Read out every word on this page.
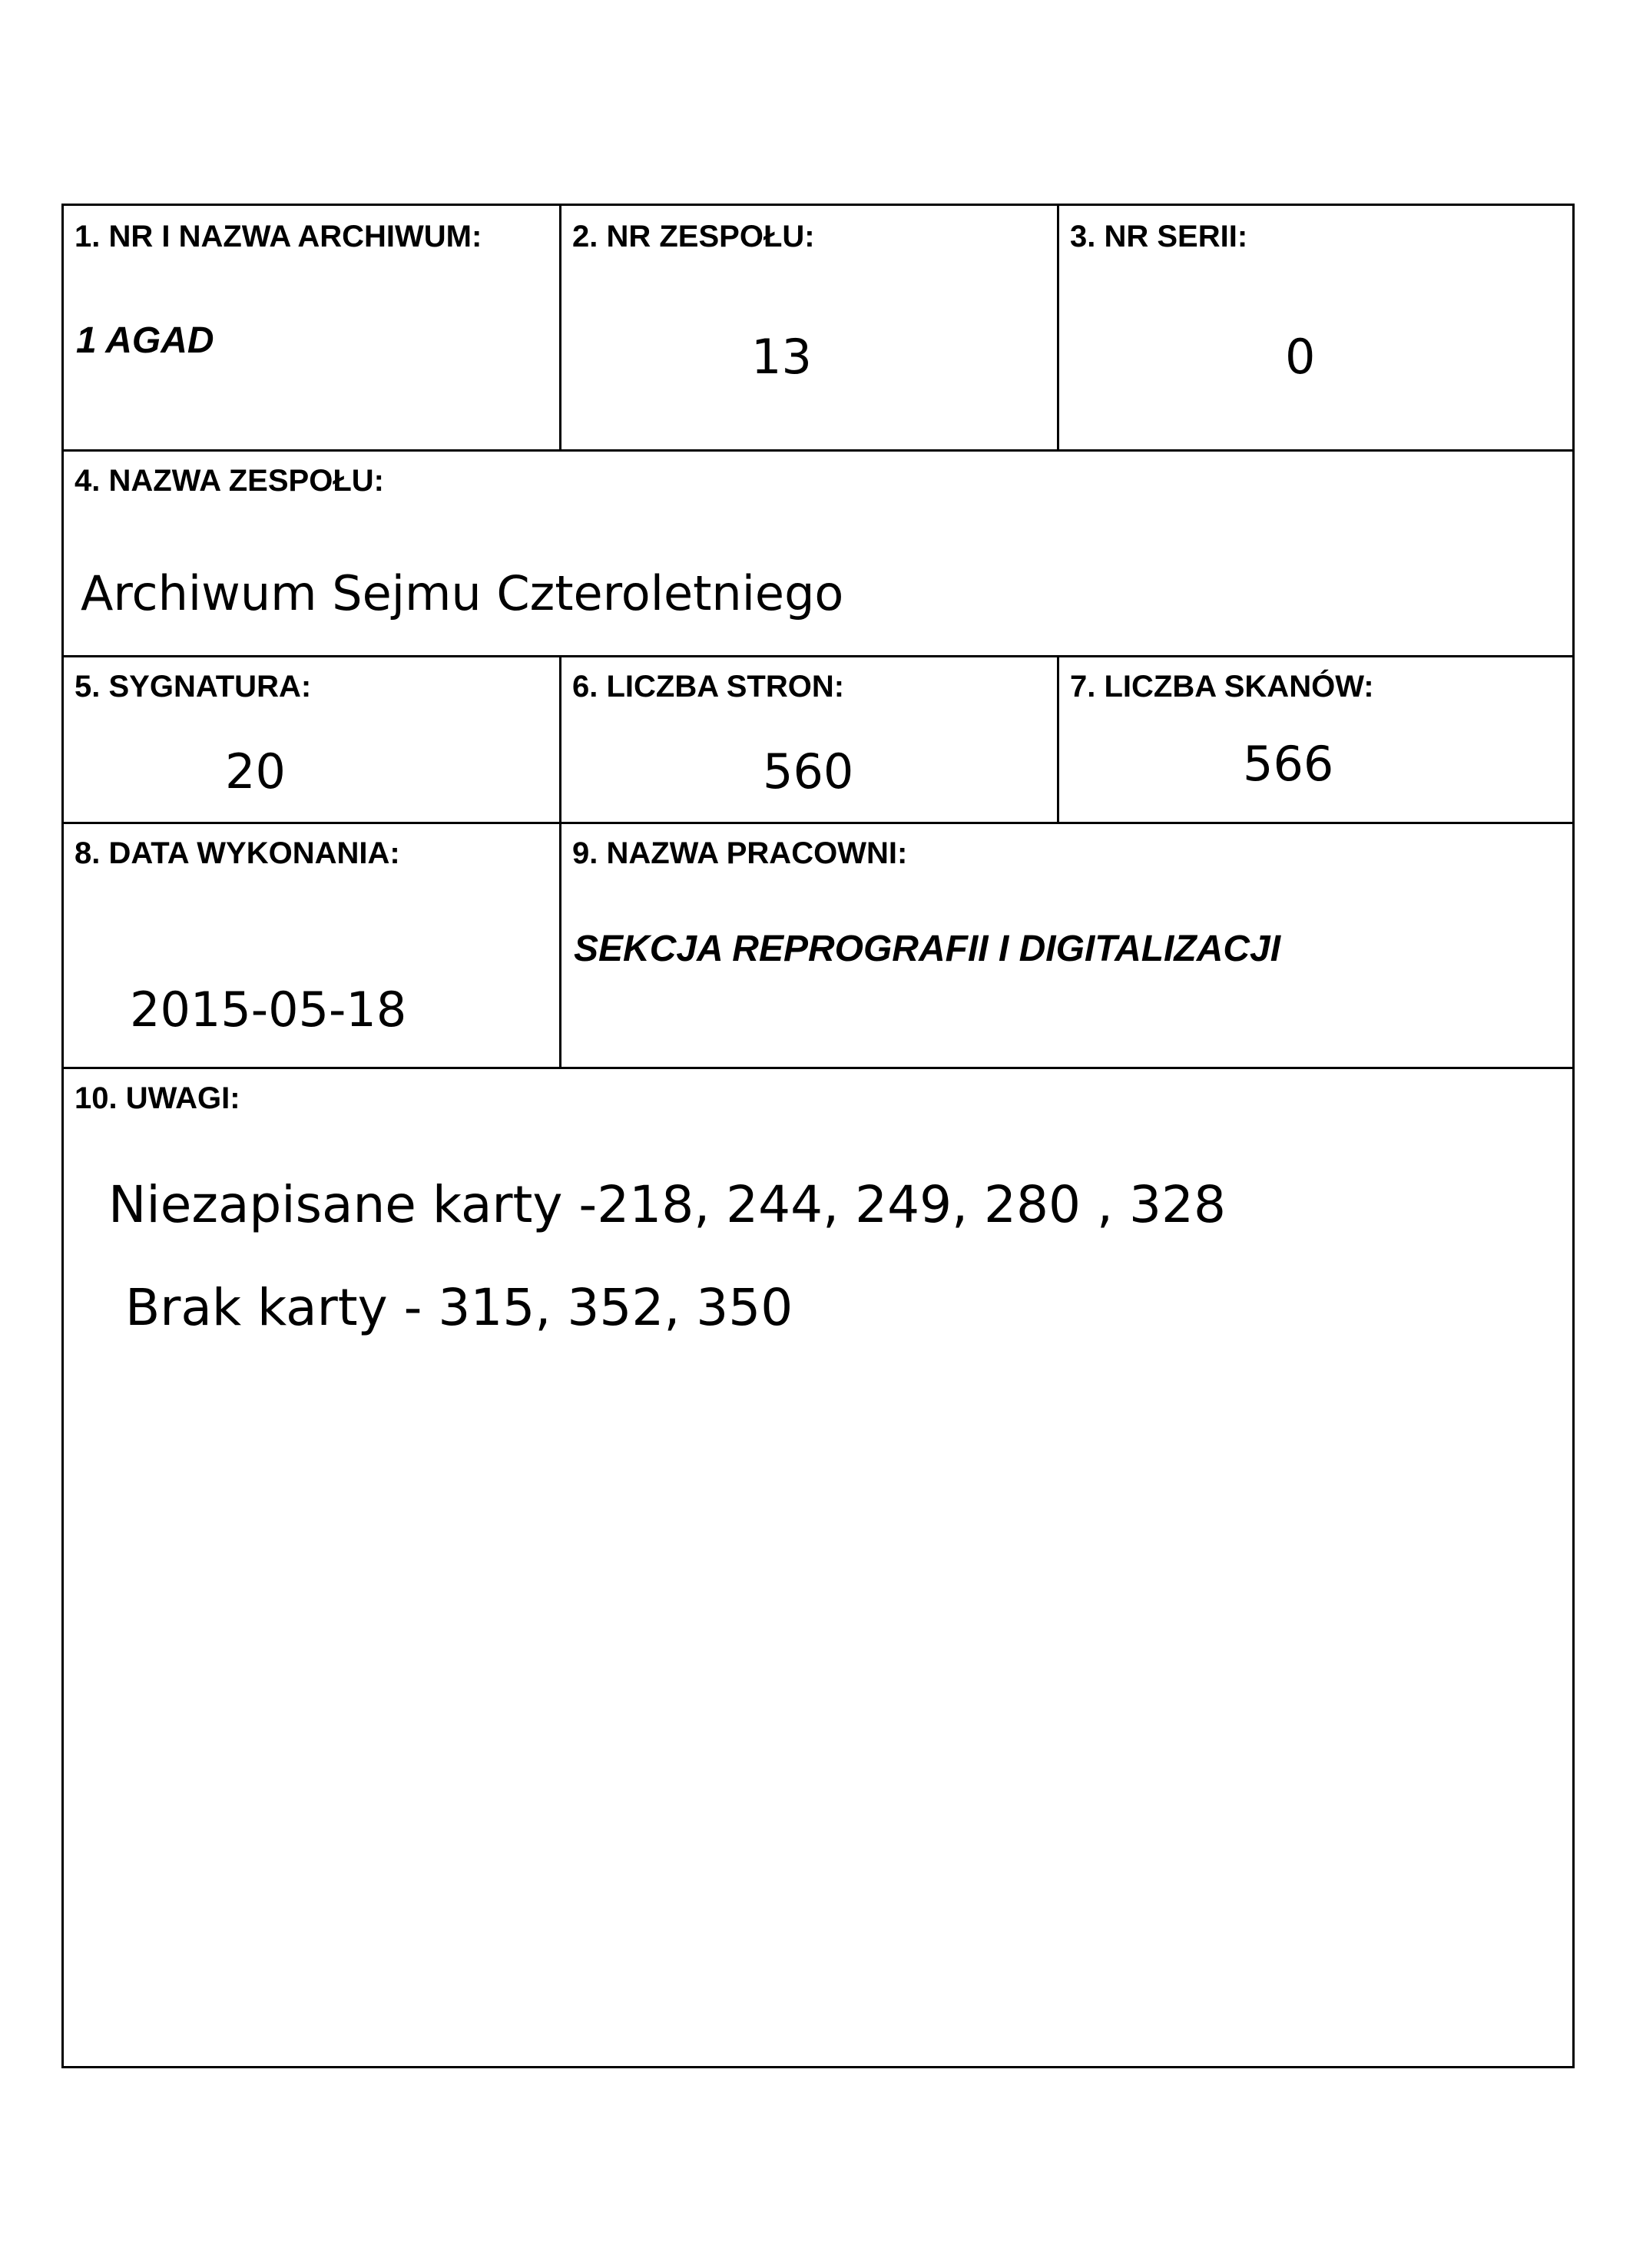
1. NR I NAZWA ARCHIWUM:
1 AGAD
2. NR ZESPOŁU:
13
3. NR SERII:
0
4. NAZWA ZESPOŁU:
Archiwum Sejmu Czteroletniego
5. SYGNATURA:
20
6. LICZBA STRON:
560
7. LICZBA SKANÓW:
566
8. DATA WYKONANIA:
2015-05-18
9. NAZWA PRACOWNI:
SEKCJA REPROGRAFII I DIGITALIZACJI
10. UWAGI:
Niezapisane karty -218, 244, 249, 280 , 328
Brak karty - 315, 352, 350
